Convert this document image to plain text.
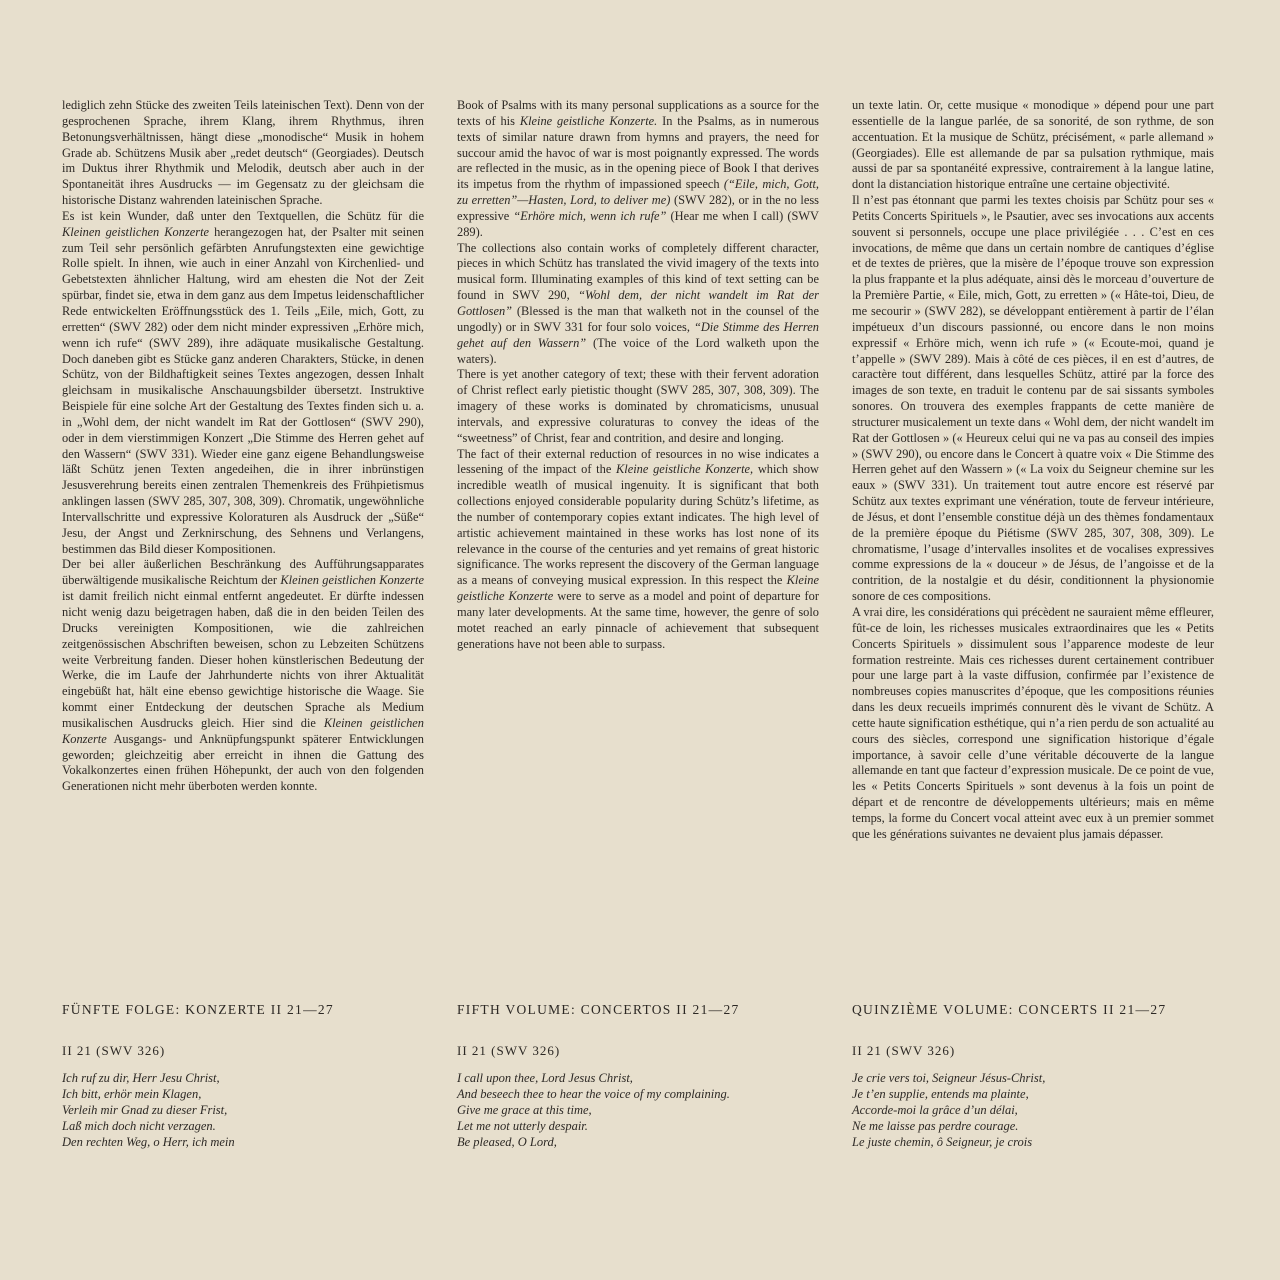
lediglich zehn Stücke des zweiten Teils lateinischen Text). Denn von der gesprochenen Sprache, ihrem Klang, ihrem Rhythmus, ihren Betonungsverhältnissen, hängt diese „monodische“ Musik in hohem Grade ab. Schützens Musik aber „redet deutsch“ (Georgiades). Deutsch im Duktus ihrer Rhythmik und Melodik, deutsch aber auch in der Spontaneität ihres Ausdrucks — im Gegensatz zu der gleichsam die historische Distanz wahrenden lateinischen Sprache.

Es ist kein Wunder, daß unter den Textquellen, die Schütz für die Kleinen geistlichen Konzerte herangezogen hat, der Psalter mit seinen zum Teil sehr persönlich gefärbten Anrufungstexten eine gewichtige Rolle spielt. In ihnen, wie auch in einer Anzahl von Kirchenlied- und Gebetstexten ähnlicher Haltung, wird am ehesten die Not der Zeit spürbar, findet sie, etwa in dem ganz aus dem Impetus leidenschaftlicher Rede entwickelten Eröffnungsstück des 1. Teils „Eile, mich, Gott, zu erretten“ (SWV 282) oder dem nicht minder expressiven „Erhöre mich, wenn ich rufe“ (SWV 289), ihre adäquate musikalische Gestaltung. Doch daneben gibt es Stücke ganz anderen Charakters, Stücke, in denen Schütz, von der Bildhaftigkeit seines Textes angezogen, dessen Inhalt gleichsam in musikalische Anschauungsbilder übersetzt. Instruktive Beispiele für eine solche Art der Gestaltung des Textes finden sich u. a. in „Wohl dem, der nicht wandelt im Rat der Gottlosen“ (SWV 290), oder in dem vierstimmigen Konzert „Die Stimme des Herren gehet auf den Wassern“ (SWV 331). Wieder eine ganz eigene Behandlungsweise läßt Schütz jenen Texten angedeihen, die in ihrer inbrünstigen Jesusverehrung bereits einen zentralen Themenkreis des Frühpietismus anklingen lassen (SWV 285, 307, 308, 309). Chromatik, ungewöhnliche Intervallschritte und expressive Koloraturen als Ausdruck der „Süße“ Jesu, der Angst und Zerknirschung, des Sehnens und Verlangens, bestimmen das Bild dieser Kompositionen.

Der bei aller äußerlichen Beschränkung des Aufführungsapparates überwältigende musikalische Reichtum der Kleinen geistlichen Konzerte ist damit freilich nicht einmal entfernt angedeutet. Er dürfte indessen nicht wenig dazu beigetragen haben, daß die in den beiden Teilen des Drucks vereinigten Kompositionen, wie die zahlreichen zeitgenössischen Abschriften beweisen, schon zu Lebzeiten Schützens weite Verbreitung fanden. Dieser hohen künstlerischen Bedeutung der Werke, die im Laufe der Jahrhunderte nichts von ihrer Aktualität eingebüßt hat, hält eine ebenso gewichtige historische die Waage. Sie kommt einer Entdeckung der deutschen Sprache als Medium musikalischen Ausdrucks gleich. Hier sind die Kleinen geistlichen Konzerte Ausgangs- und Anknüpfungspunkt späterer Entwicklungen geworden; gleichzeitig aber erreicht in ihnen die Gattung des Vokalkonzertes einen frühen Höhepunkt, der auch von den folgenden Generationen nicht mehr überboten werden konnte.

Book of Psalms with its many personal supplications as a source for the texts of his Kleine geistliche Konzerte. In the Psalms, as in numerous texts of similar nature drawn from hymns and prayers, the need for succour amid the havoc of war is most poignantly expressed. The words are reflected in the music, as in the opening piece of Book I that derives its impetus from the rhythm of impassioned speech (“Eile, mich, Gott, zu erretten”—Hasten, Lord, to deliver me) (SWV 282), or in the no less expressive “Erhöre mich, wenn ich rufe” (Hear me when I call) (SWV 289).

The collections also contain works of completely different character, pieces in which Schütz has translated the vivid imagery of the texts into musical form. Illuminating examples of this kind of text setting can be found in SWV 290, “Wohl dem, der nicht wandelt im Rat der Gottlosen” (Blessed is the man that walketh not in the counsel of the ungodly) or in SWV 331 for four solo voices, “Die Stimme des Herren gehet auf den Wassern” (The voice of the Lord walketh upon the waters).

There is yet another category of text; these with their fervent adoration of Christ reflect early pietistic thought (SWV 285, 307, 308, 309). The imagery of these works is dominated by chromaticisms, unusual intervals, and expressive coluraturas to convey the ideas of the “sweetness” of Christ, fear and contrition, and desire and longing.

The fact of their external reduction of resources in no wise indicates a lessening of the impact of the Kleine geistliche Konzerte, which show incredible weatlh of musical ingenuity. It is significant that both collections enjoyed considerable popularity during Schütz’s lifetime, as the number of contemporary copies extant indicates. The high level of artistic achievement maintained in these works has lost none of its relevance in the course of the centuries and yet remains of great historic significance. The works represent the discovery of the German language as a means of conveying musical expression. In this respect the Kleine geistliche Konzerte were to serve as a model and point of departure for many later developments. At the same time, however, the genre of solo motet reached an early pinnacle of achievement that subsequent generations have not been able to surpass.

un texte latin. Or, cette musique « monodique » dépend pour une part essentielle de la langue parlée, de sa sonorité, de son rythme, de son accentuation. Et la musique de Schütz, précisément, « parle allemand » (Georgiades). Elle est allemande de par sa pulsation rythmique, mais aussi de par sa spontanéité expressive, contrairement à la langue latine, dont la distanciation historique entraîne une certaine objectivité.

Il n’est pas étonnant que parmi les textes choisis par Schütz pour ses « Petits Concerts Spirituels », le Psautier, avec ses invocations aux accents souvent si personnels, occupe une place privilégiée . . . C’est en ces invocations, de même que dans un certain nombre de cantiques d’église et de textes de prières, que la misère de l’époque trouve son expression la plus frappante et la plus adéquate, ainsi dès le morceau d’ouverture de la Première Partie, « Eile, mich, Gott, zu erretten » (« Hâte-toi, Dieu, de me secourir » (SWV 282), se développant entièrement à partir de l’élan impétueux d’un discours passionné, ou encore dans le non moins expressif « Erhöre mich, wenn ich rufe » (« Ecoute-moi, quand je t’appelle » (SWV 289). Mais à côté de ces pièces, il en est d’autres, de caractère tout différent, dans lesquelles Schütz, attiré par la force des images de son texte, en traduit le contenu par de sai sissants symboles sonores. On trouvera des exemples frappants de cette manière de structurer musicalement un texte dans « Wohl dem, der nicht wandelt im Rat der Gottlosen » (« Heureux celui qui ne va pas au conseil des impies » (SWV 290), ou encore dans le Concert à quatre voix « Die Stimme des Herren gehet auf den Wassern » (« La voix du Seigneur chemine sur les eaux » (SWV 331). Un traitement tout autre encore est réservé par Schütz aux textes exprimant une vénération, toute de ferveur intérieure, de Jésus, et dont l’ensemble constitue déjà un des thèmes fondamentaux de la première époque du Piétisme (SWV 285, 307, 308, 309). Le chromatisme, l’usage d’intervalles insolites et de vocalises expressives comme expressions de la « douceur » de Jésus, de l’angoisse et de la contrition, de la nostalgie et du désir, conditionnent la physionomie sonore de ces compositions.

A vrai dire, les considérations qui précèdent ne sauraient même effleurer, fût-ce de loin, les richesses musicales extraordinaires que les « Petits Concerts Spirituels » dissimulent sous l’apparence modeste de leur formation restreinte. Mais ces richesses durent certainement contribuer pour une large part à la vaste diffusion, confirmée par l’existence de nombreuses copies manuscrites d’époque, que les compositions réunies dans les deux recueils imprimés connurent dès le vivant de Schütz. A cette haute signification esthétique, qui n’a rien perdu de son actualité au cours des siècles, correspond une signification historique d’égale importance, à savoir celle d’une véritable découverte de la langue allemande en tant que facteur d’expression musicale. De ce point de vue, les « Petits Concerts Spirituels » sont devenus à la fois un point de départ et de rencontre de développements ultérieurs; mais en même temps, la forme du Concert vocal atteint avec eux à un premier sommet que les générations suivantes ne devaient plus jamais dépasser.

FÜNFTE FOLGE: KONZERTE II 21—27

II 21 (SWV 326)

Ich ruf zu dir, Herr Jesu Christ,
Ich bitt, erhör mein Klagen,
Verleih mir Gnad zu dieser Frist,
Laß mich doch nicht verzagen.
Den rechten Weg, o Herr, ich mein

FIFTH VOLUME: CONCERTOS II 21—27

II 21 (SWV 326)

I call upon thee, Lord Jesus Christ,
And beseech thee to hear the voice of my complaining.
Give me grace at this time,
Let me not utterly despair.
Be pleased, O Lord,

QUINZIÈME VOLUME: CONCERTS II 21—27

II 21 (SWV 326)

Je crie vers toi, Seigneur Jésus-Christ,
Je t’en supplie, entends ma plainte,
Accorde-moi la grâce d’un délai,
Ne me laisse pas perdre courage.
Le juste chemin, ô Seigneur, je crois
